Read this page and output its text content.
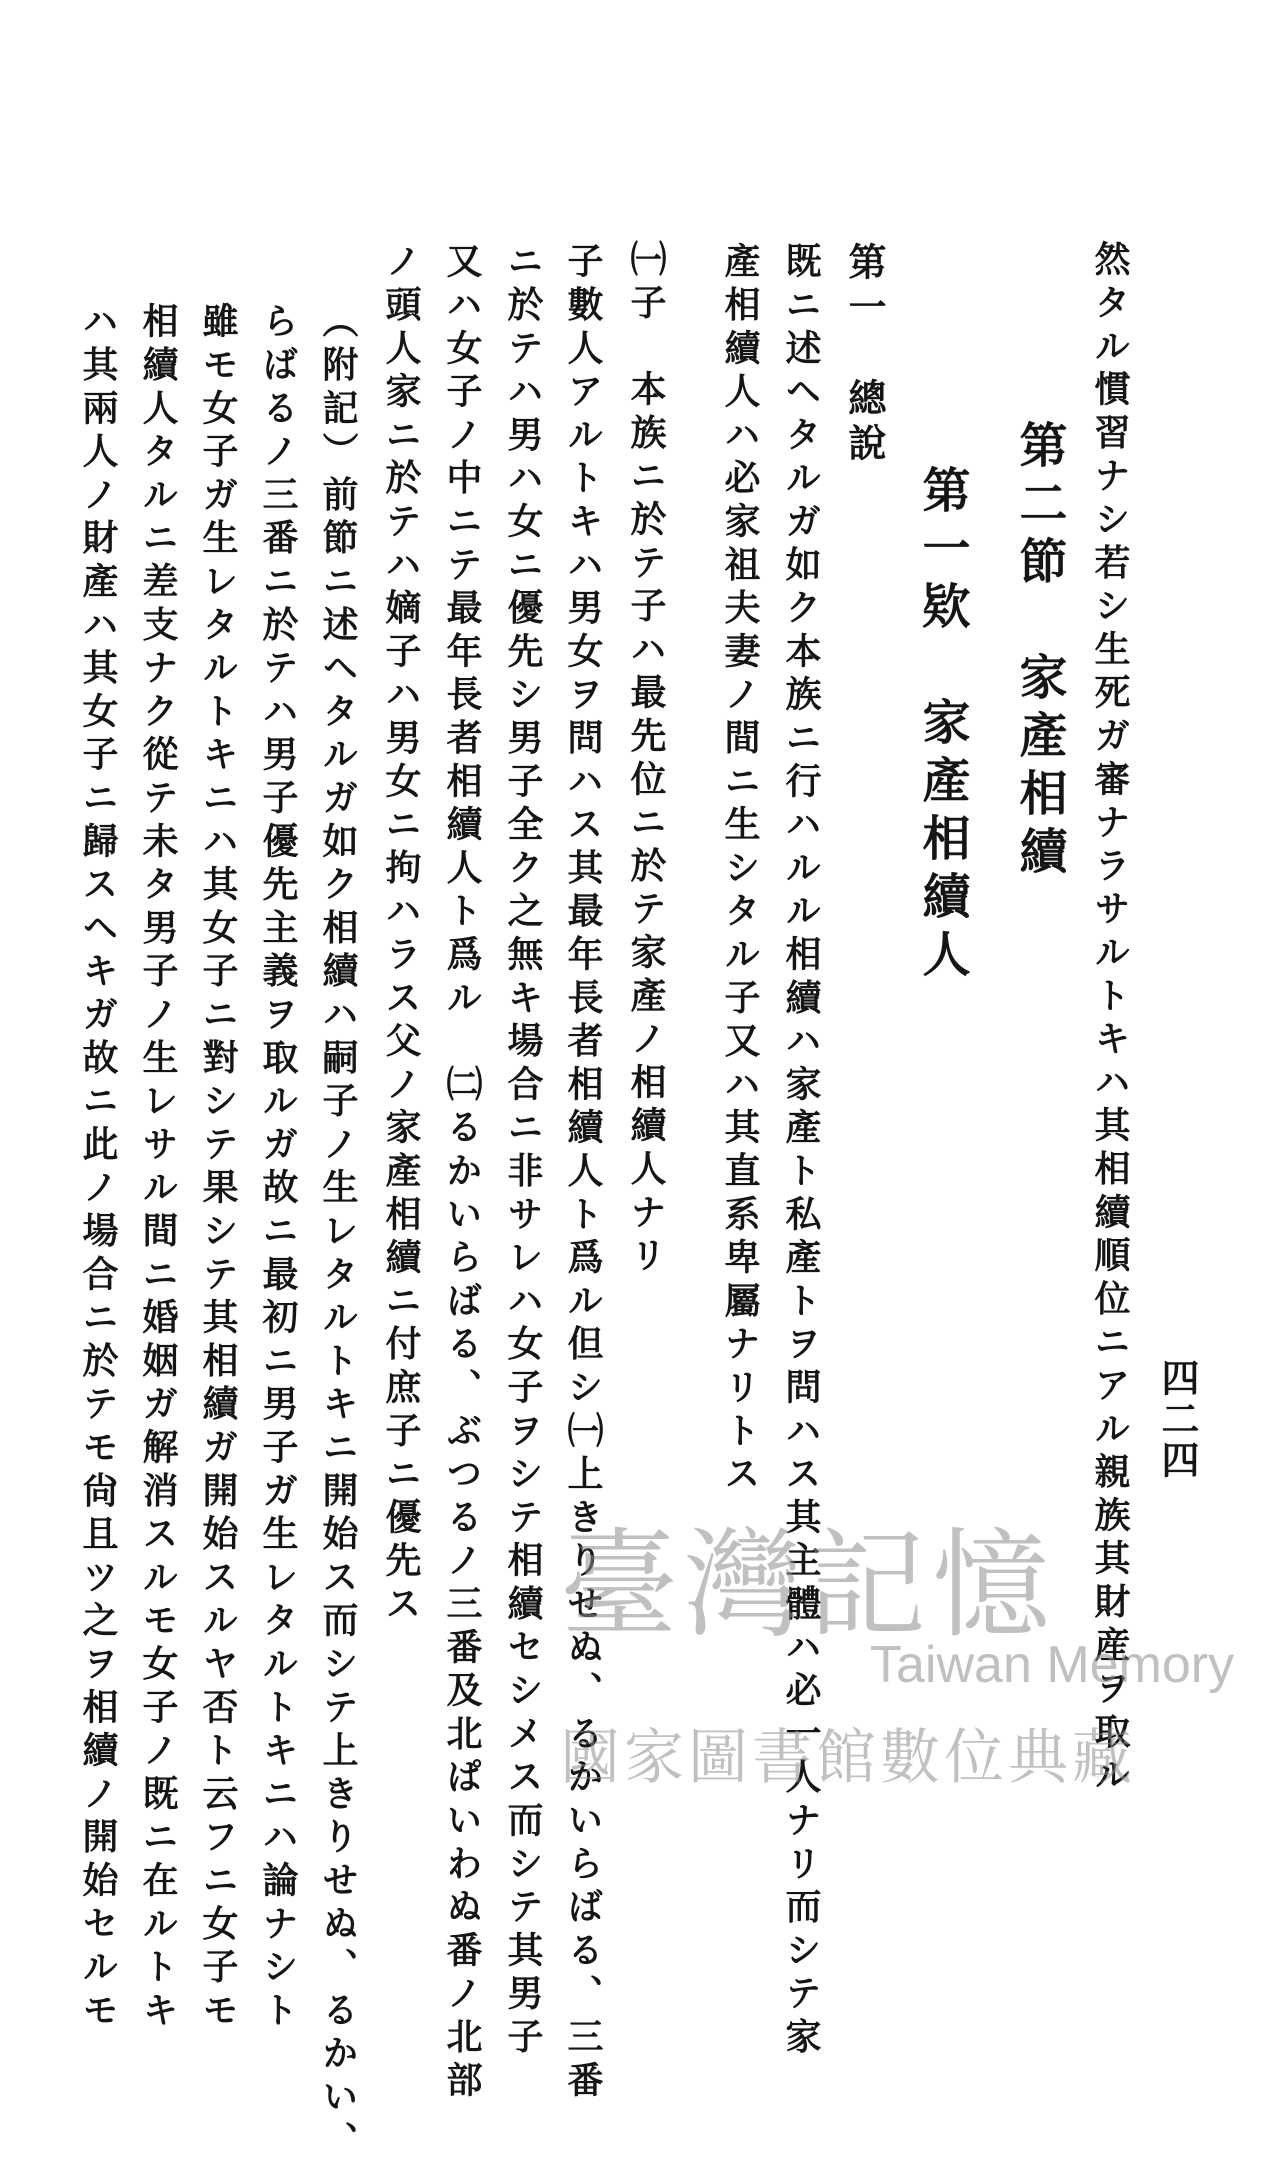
四二四
然タル慣習ナシ若シ生死ガ審ナラサルトキハ其相續順位ニアル親族其財産ヲ取ル
第二節　家產相續
第一欵　家產相續人
第一　總說
既ニ述ヘタルガ如ク本族ニ行ハルル相續ハ家產ト私產トヲ問ハス其主體ハ必一人ナリ而シテ家
產相續人ハ必家祖夫妻ノ間ニ生シタル子又ハ其直系卑屬ナリトス
㈠子　本族ニ於テ子ハ最先位ニ於テ家產ノ相續人ナリ
子數人アルトキハ男女ヲ問ハス其最年長者相續人ト爲ル但シ㈠上きりせぬ、るかいらばる、三番
ニ於テハ男ハ女ニ優先シ男子全ク之無キ場合ニ非サレハ女子ヲシテ相續セシメス而シテ其男子
又ハ女子ノ中ニテ最年長者相續人ト爲ル　㈡るかいらばる、ぶつるノ三番及北ぱいわぬ番ノ北部
ノ頭人家ニ於テハ嫡子ハ男女ニ拘ハラス父ノ家產相續ニ付庶子ニ優先ス
（附記）前節ニ述ヘタルガ如ク相續ハ嗣子ノ生レタルトキニ開始ス而シテ上きりせぬ、るかい、
らばるノ三番ニ於テハ男子優先主義ヲ取ルガ故ニ最初ニ男子ガ生レタルトキニハ論ナシト
雖モ女子ガ生レタルトキニハ其女子ニ對シテ果シテ其相續ガ開始スルヤ否ト云フニ女子モ
相續人タルニ差支ナク從テ未タ男子ノ生レサル間ニ婚姻ガ解消スルモ女子ノ既ニ在ルトキ
ハ其兩人ノ財產ハ其女子ニ歸スヘキガ故ニ此ノ場合ニ於テモ尙且ツ之ヲ相續ノ開始セルモ	臺灣記憶
Taiwan Memory
國家圖書館數位典藏
